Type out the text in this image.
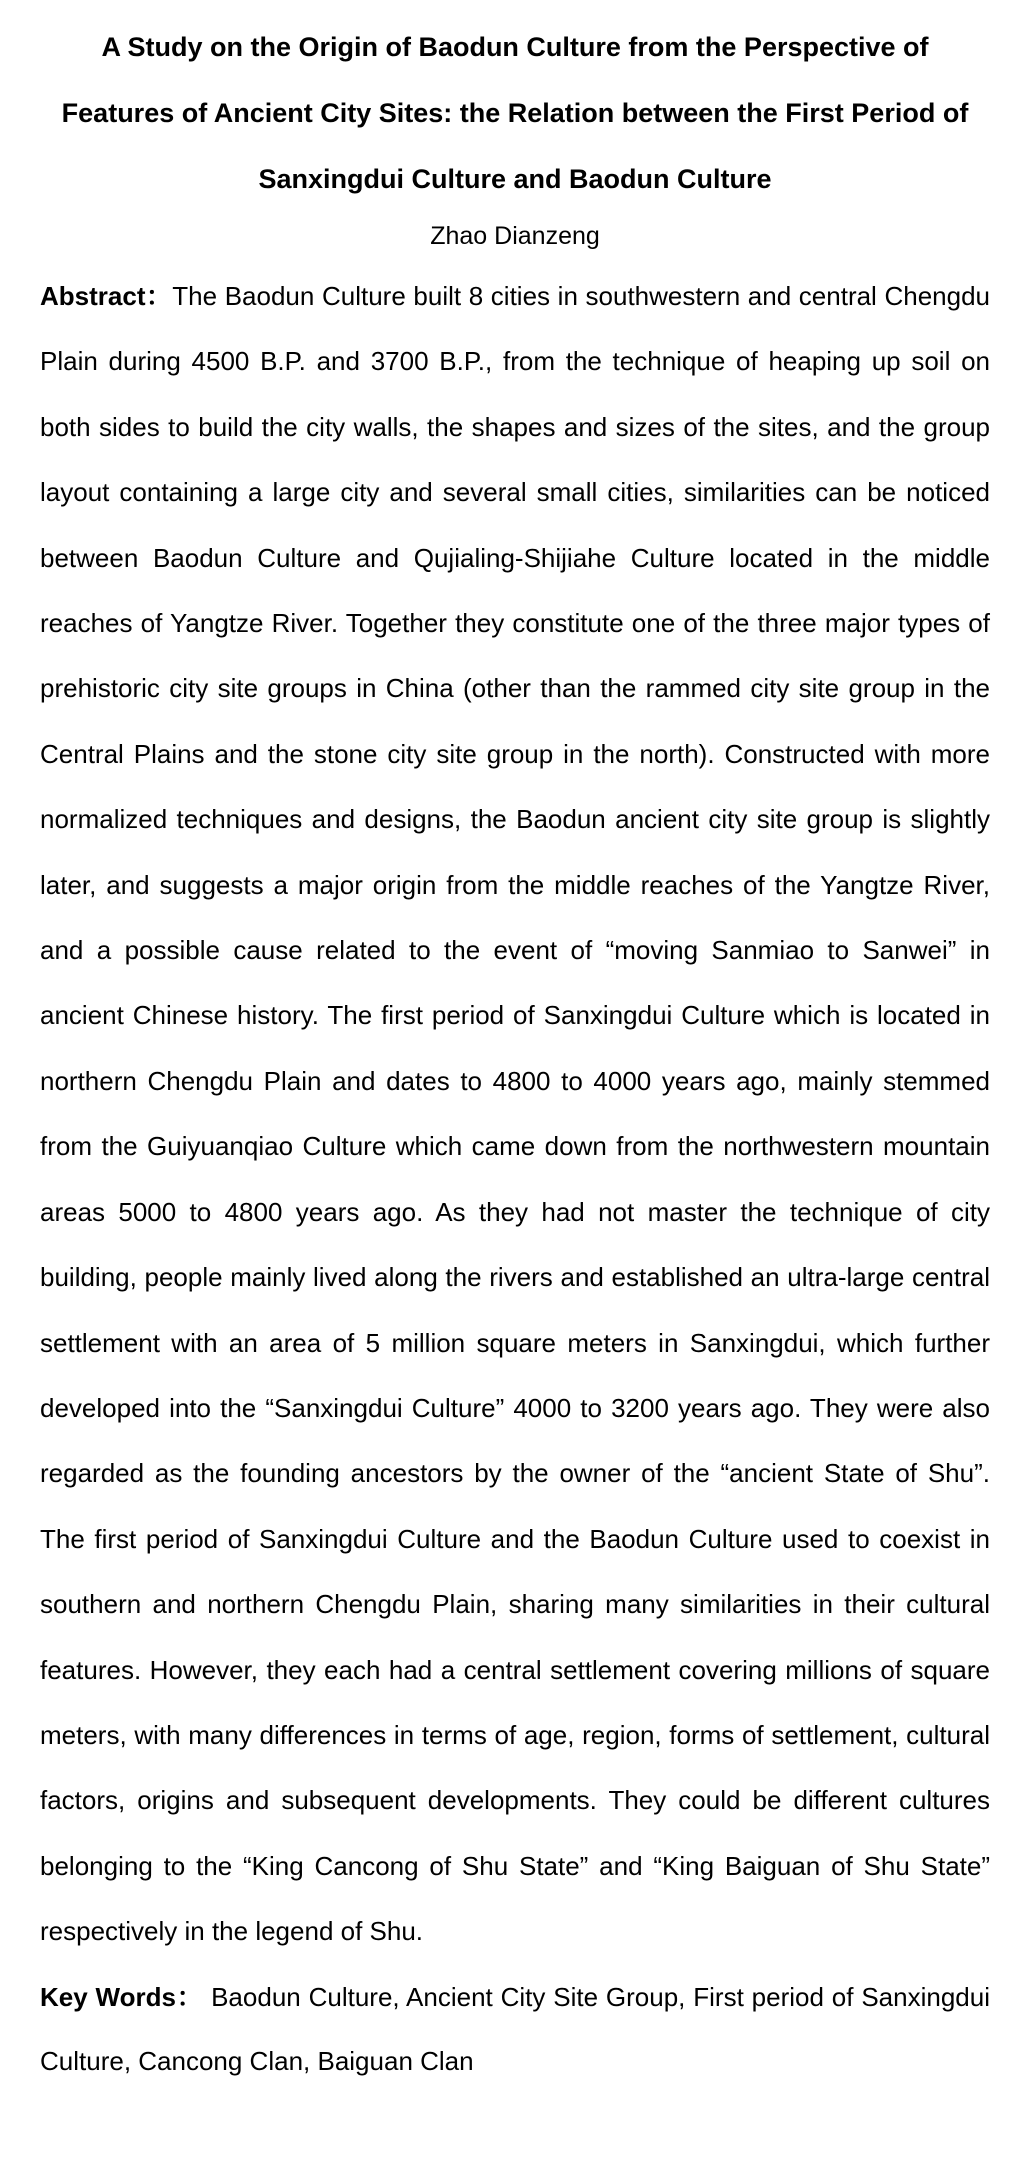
A Study on the Origin of Baodun Culture from the Perspective of Features of Ancient City Sites: the Relation between the First Period of Sanxingdui Culture and Baodun Culture

Zhao Dianzeng

Abstract：The Baodun Culture built 8 cities in southwestern and central Chengdu Plain during 4500 B.P. and 3700 B.P., from the technique of heaping up soil on both sides to build the city walls, the shapes and sizes of the sites, and the group layout containing a large city and several small cities, similarities can be noticed between Baodun Culture and Qujialing-Shijiahe Culture located in the middle reaches of Yangtze River. Together they constitute one of the three major types of prehistoric city site groups in China (other than the rammed city site group in the Central Plains and the stone city site group in the north). Constructed with more normalized techniques and designs, the Baodun ancient city site group is slightly later, and suggests a major origin from the middle reaches of the Yangtze River, and a possible cause related to the event of “moving Sanmiao to Sanwei” in ancient Chinese history. The first period of Sanxingdui Culture which is located in northern Chengdu Plain and dates to 4800 to 4000 years ago, mainly stemmed from the Guiyuanqiao Culture which came down from the northwestern mountain areas 5000 to 4800 years ago. As they had not master the technique of city building, people mainly lived along the rivers and established an ultra-large central settlement with an area of 5 million square meters in Sanxingdui, which further developed into the “Sanxingdui Culture” 4000 to 3200 years ago. They were also regarded as the founding ancestors by the owner of the “ancient State of Shu”. The first period of Sanxingdui Culture and the Baodun Culture used to coexist in southern and northern Chengdu Plain, sharing many similarities in their cultural features. However, they each had a central settlement covering millions of square meters, with many differences in terms of age, region, forms of settlement, cultural factors, origins and subsequent developments. They could be different cultures belonging to the “King Cancong of Shu State” and “King Baiguan of Shu State” respectively in the legend of Shu.

Key Words： Baodun Culture, Ancient City Site Group, First period of Sanxingdui Culture, Cancong Clan, Baiguan Clan
